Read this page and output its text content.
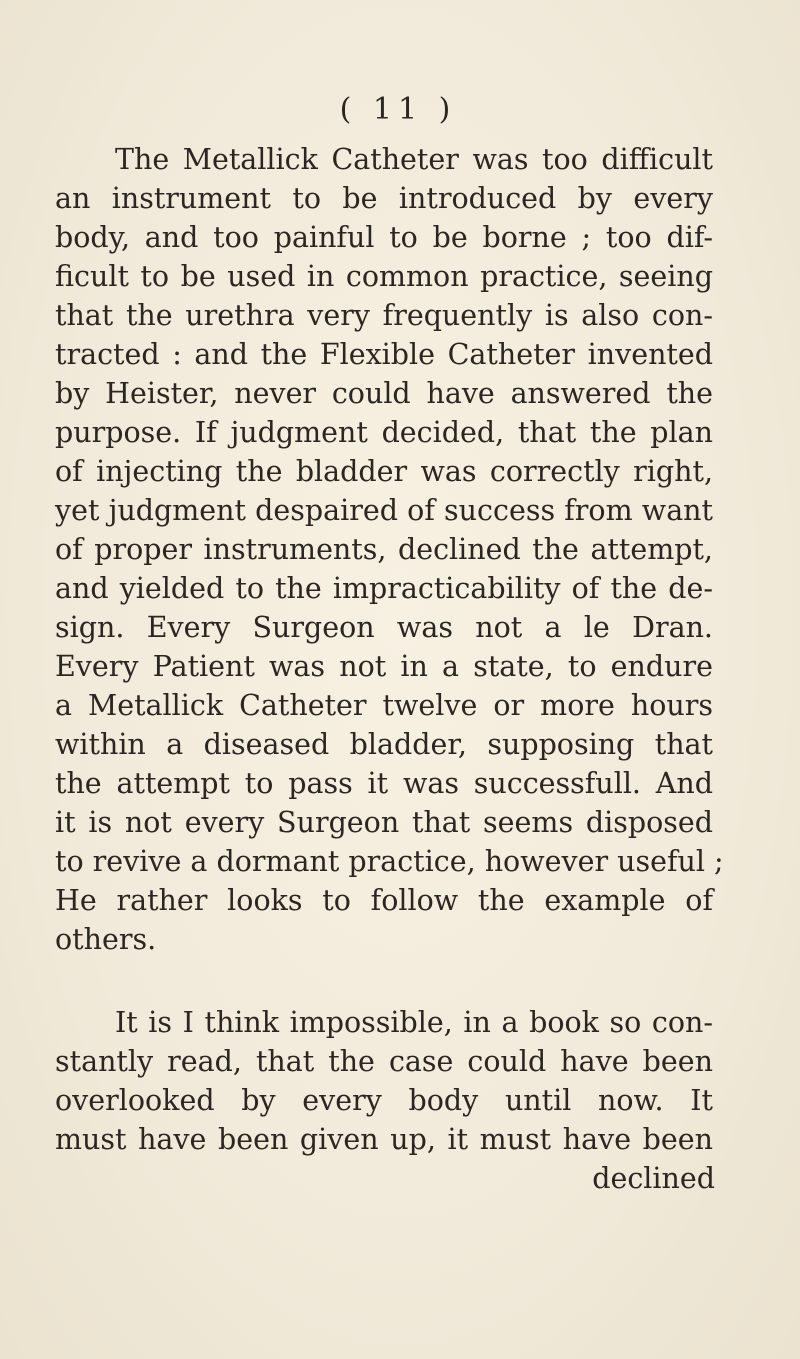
( 11 )
The Metallick Catheter was too difficult
an instrument to be introduced by every
body, and too painful to be borne ; too dif-
ficult to be used in common practice, seeing
that the urethra very frequently is also con-
tracted : and the Flexible Catheter invented
by Heister, never could have answered the
purpose. If judgment decided, that the plan
of injecting the bladder was correctly right,
yet judgment despaired of success from want
of proper instruments, declined the attempt,
and yielded to the impracticability of the de-
sign. Every Surgeon was not a le Dran.
Every Patient was not in a state, to endure
a Metallick Catheter twelve or more hours
within a diseased bladder, supposing that
the attempt to pass it was successfull. And
it is not every Surgeon that seems disposed
to revive a dormant practice, however useful ;
He rather looks to follow the example of
others.
It is I think impossible, in a book so con-
stantly read, that the case could have been
overlooked by every body until now. It
must have been given up, it must have been
declined
